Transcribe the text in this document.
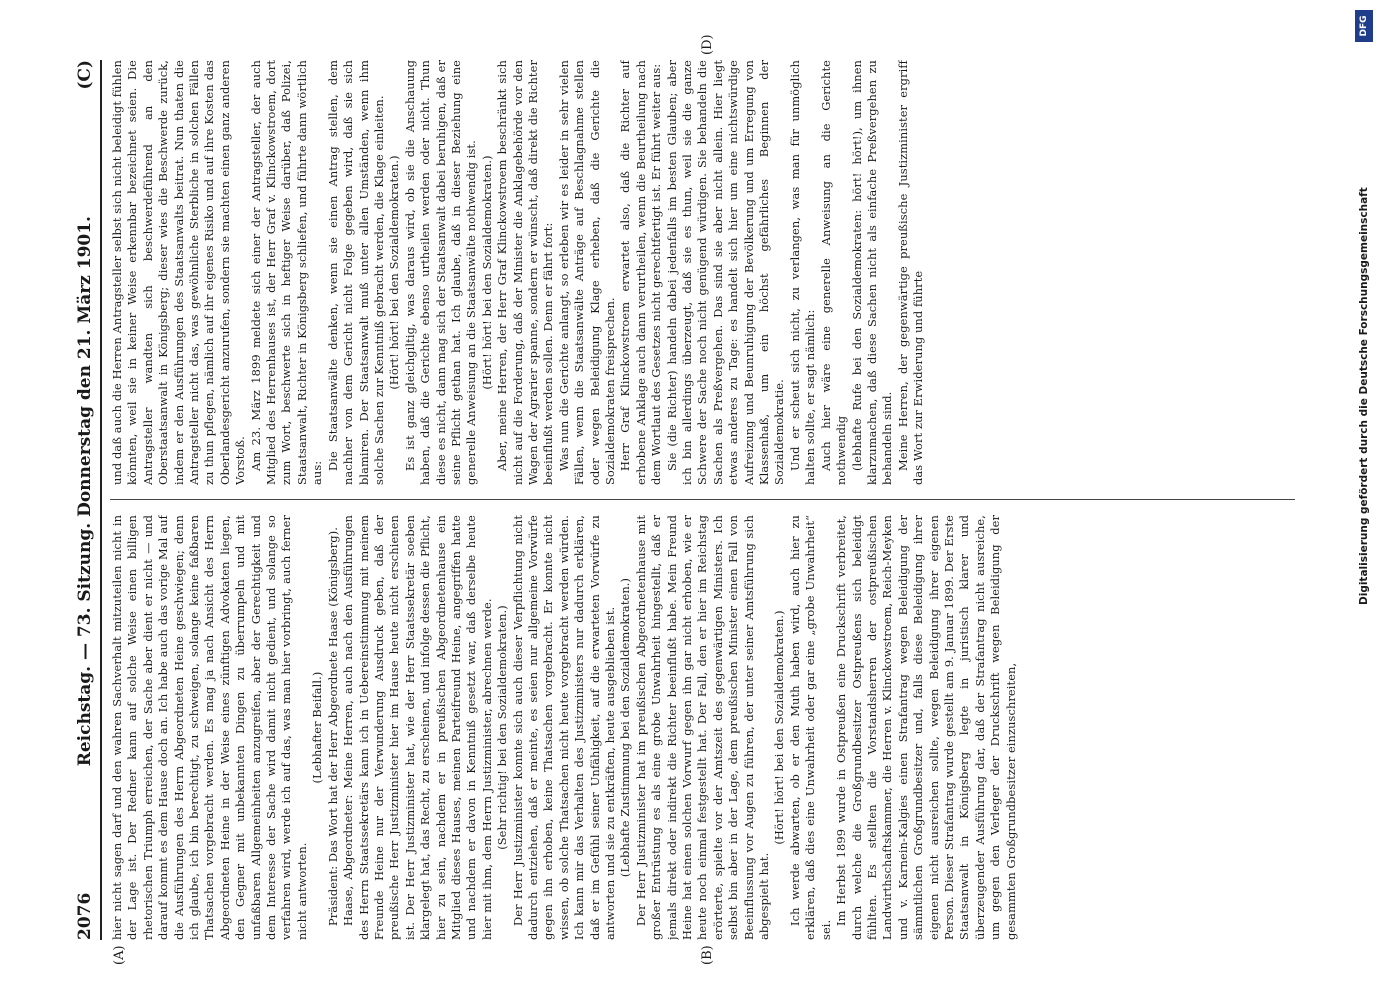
2076
Reichstag. — 73. Sitzung. Donnerstag den 21. März 1901.
(C)
(A)	(B)
(D)

hier nicht sagen darf und den wahren Sachverhalt mitzuteilen nicht in der Lage ist. Der Redner kann auf solche Weise einen billigen rhetorischen Triumph erreichen, der Sache aber dient er nicht — und darauf kommt es dem Hause doch an. Ich habe auch das vorige Mal auf die Ausführungen des Herrn Abgeordneten Heine geschwiegen; denn ich glaube, ich bin berechtigt, zu schweigen, solange keine faßbaren Thatsachen vorgebracht werden. Es mag ja nach Ansicht des Herrn Abgeordneten Heine in der Weise eines zünftigen Advokaten liegen, den Gegner mit unbekannten Dingen zu überrumpeln und mit unfaßbaren Allgemeinheiten anzugreifen, aber der Gerechtigkeit und dem Interesse der Sache wird damit nicht gedient, und solange so verfahren wird, werde ich auf das, was man hier vorbringt, auch ferner nicht antworten.

(Lebhafter Beifall.) Präsident: Das Wort hat der Herr Abgeordnete Haase (Königsberg). Haase, Abgeordneter: Meine Herren, auch nach den Ausführungen des Herrn Staatssekretärs kann ich in Uebereinstimmung mit meinem Freunde Heine nur der Verwunderung Ausdruck geben, daß der preußische Herr Justizminister hier im Hause heute nicht erschienen ist. Der Herr Justizminister hat, wie der Herr Staatssekretär soeben klargelegt hat, das Recht, zu erscheinen, und infolge dessen die Pflicht, hier zu sein, nachdem er in preußischen Abgeordnetenhause ein Mitglied dieses Hauses, meinen Parteifreund Heine, angegriffen hatte und nachdem er davon in Kenntniß gesetzt war, daß derselbe heute hier mit ihm, dem Herrn Justizminister, abrechnen werde. (Sehr richtig! bei den Sozialdemokraten.) Der Herr Justizminister konnte sich auch dieser Verpflichtung nicht dadurch entziehen, daß er meinte, es seien nur allgemeine Vorwürfe gegen ihn erhoben, keine Thatsachen vorgebracht. Er konnte nicht wissen, ob solche Thatsachen nicht heute vorgebracht werden würden. Ich kann mir das Verhalten des Justizministers nur dadurch erklären, daß er im Gefühl seiner Unfähigkeit, auf die erwarteten Vorwürfe zu antworten und sie zu entkräften, heute ausgeblieben ist. (Lebhafte Zustimmung bei den Sozialdemokraten.) Der Herr Justizminister hat im preußischen Abgeordnetenhause mit großer Entrüstung es als eine grobe Unwahrheit hingestellt, daß er jemals direkt oder indirekt die Richter beeinflußt habe. Mein Freund Heine hat einen solchen Vorwurf gegen ihn gar nicht erhoben, wie er heute noch einmal festgestellt hat. Der Fall, den er hier im Reichstag erörterte, spielte vor der Amtszeit des gegenwärtigen Ministers. Ich selbst bin aber in der Lage, dem preußischen Minister einen Fall von Beeinflussung vor Augen zu führen, der unter seiner Amtsführung sich abgespielt hat.

(Hört! hört! bei den Sozialdemokraten.) Ich werde abwarten, ob er den Muth haben wird, auch hier zu erklären, daß dies eine Unwahrheit oder gar eine „grobe Unwahrheit“ sei.

Im Herbst 1899 wurde in Ostpreußen eine Druckschrift verbreitet, durch welche die Großgrundbesitzer Ostpreußens sich beleidigt fühlten. Es stellten die Vorstandsherren der ostpreußischen Landwirthschaftskammer, die Herren v. Klinckowstroem, Reich-Meyken und v. Karnein-Kalgies einen Strafantrag wegen Beleidigung der sämmtlichen Großgrundbesitzer und, falls diese Beleidigung ihrer eigenen nicht ausreichen sollte, wegen Beleidigung ihrer eigenen Person. Dieser Strafantrag wurde gestellt am 9. Januar 1899. Der Erste Staatsanwalt in Königsberg legte in juristisch klarer und überzeugender Ausführung dar, daß der Strafantrag nicht ausreiche, um gegen den Verleger der Druckschrift wegen Beleidigung der gesammten Großgrundbesitzer einzuschreiten,

und daß auch die Herren Antragsteller selbst sich nicht beleidigt fühlen könnten, weil sie in keiner Weise erkennbar bezeichnet seien. Die Antragsteller wandten sich beschwerdeführend an den Oberstaatsanwalt in Königsberg; dieser wies die Beschwerde zurück, indem er den Ausführungen des Staatsanwalts beitrat. Nun thaten die Antragsteller nicht das, was gewöhnliche Sterbliche in solchen Fällen zu thun pflegen, nämlich auf ihr eigenes Risiko und auf ihre Kosten das Oberlandesgericht anzurufen, sondern sie machten einen ganz anderen Vorstoß. Am 23. März 1899 meldete sich einer der Antragsteller, der auch Mitglied des Herrenhauses ist, der Herr Graf v. Klinckowstroem, dort zum Wort, beschwerte sich in heftiger Weise darüber, daß Polizei, Staatsanwalt, Richter in Königsberg schliefen, und führte dann wörtlich aus:

Die Staatsanwälte denken, wenn sie einen Antrag stellen, dem nachher von dem Gericht nicht Folge gegeben wird, daß sie sich blamiren. Der Staatsanwalt muß unter allen Umständen, wenn ihm solche Sachen zur Kenntniß gebracht werden, die Klage einleiten. (Hört! hört! bei den Sozialdemokraten.) Es ist ganz gleichgiltig, was daraus wird, ob sie die Anschauung haben, daß die Gerichte ebenso urtheilen werden oder nicht. Thun diese es nicht, dann mag sich der Staatsanwalt dabei beruhigen, daß er seine Pflicht gethan hat. Ich glaube, daß in dieser Beziehung eine generelle Anweisung an die Staatsanwälte nothwendig ist. (Hört! hört! bei den Sozialdemokraten.) Aber, meine Herren, der Herr Graf Klinckowstroem beschränkt sich nicht auf die Forderung, daß der Minister die Anklagebehörde vor den Wagen der Agrarier spanne, sondern er wünscht, daß direkt die Richter beeinflußt werden sollen. Denn er fährt fort: Was nun die Gerichte anlangt, so erleben wir es leider in sehr vielen Fällen, wenn die Staatsanwälte Anträge auf Beschlagnahme stellen oder wegen Beleidigung Klage erheben, daß die Gerichte die Sozialdemokraten freisprechen. Herr Graf Klinckowstroem erwartet also, daß die Richter auf erhobene Anklage auch dann verurtheilen, wenn die Beurtheilung nach dem Wortlaut des Gesetzes nicht gerechtfertigt ist. Er führt weiter aus: Sie (die Richter) handeln dabei jedenfalls im besten Glauben; aber ich bin allerdings überzeugt, daß sie es thun, weil sie die ganze Schwere der Sache noch nicht genügend würdigen. Sie behandeln die Sachen als Preßvergehen. Das sind sie aber nicht allein. Hier liegt etwas anderes zu Tage: es handelt sich hier um eine nichtswürdige Aufreizung und Beunruhigung der Bevölkerung und um Erregung von Klassenhaß, um ein höchst gefährliches Beginnen der Sozialdemokratie. Und er scheut sich nicht, zu verlangen, was man für unmöglich halten sollte, er sagt nämlich: Auch hier wäre eine generelle Anweisung an die Gerichte nothwendig (lebhafte Rufe bei den Sozialdemokraten: hört! hört!), um ihnen klarzumachen, daß diese Sachen nicht als einfache Preßvergehen zu behandeln sind. Meine Herren, der gegenwärtige preußische Justizminister ergriff das Wort zur Erwiderung und führte	Digitalisierung gefördert durch die Deutsche Forschungsgemeinschaft
DFG
